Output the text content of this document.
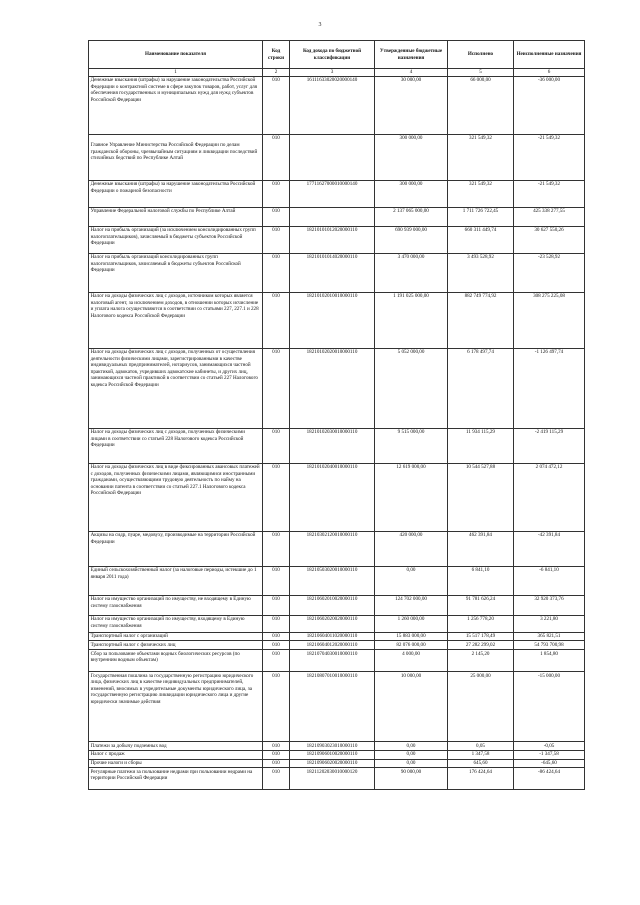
3
Наименование показателя	Код строки	Код дохода по бюджетной классификации	Утвержденные бюджетные назначения	Исполнено	Неисполненные назначения
1	2	3	4	5	6
Денежные взыскания (штрафы) за нарушение законодательства Российской Федерации о контрактной системе в сфере закупок товаров, работ, услуг для обеспечения государственных и муниципальных нужд для нужд субъектов Российской Федерации	010	16111633020020000140	30 000,00	66 000,00	-36 000,00

Главное Управление Министерства Российской Федерации по делам гражданской обороны, чрезвычайным ситуациям и ликвидации последствий стихийных бедствий по Республике Алтай	010		300 000,00	321 549,32	-21 549,32
Денежные взыскания (штрафы) за нарушение законодательства Российской Федерации о пожарной безопасности	010	17711627000010000140	300 000,00	321 549,32	-21 549,32
Управление Федеральной налоговой службы по Республике Алтай	010		2 137 065 000,00	1 711 726 722,45	425 338 277,55
Налог на прибыль организаций (за исключением консолидированных групп налогоплательщиков), зачисляемый в бюджеты субъектов Российской Федерации	010	18210101012020000110	690 939 000,00	660 311 449,74	30 627 550,26
Налог на прибыль организаций консолидированных групп налогоплательщиков, зачисляемый в бюджеты субъектов Российской Федерации	010	18210101014020000110	3 470 000,00	3 493 528,92	-23 528,92
Налог на доходы физических лиц с доходов, источником которых является налоговый агент, за исключением доходов, в отношении которых исчисление и уплата налога осуществляются в соответствии со статьями 227, 227.1 и 228 Налогового кодекса Российской Федерации	010	18210102010010000110	1 191 025 000,00	882 749 774,92	308 275 225,08
Налог на доходы физических лиц с доходов, полученных от осуществления деятельности физическими лицами, зарегистрированными в качестве индивидуальных предпринимателей, нотариусов, занимающихся частной практикой, адвокатов, учредивших адвокатские кабинеты, и других лиц, занимающихся частной практикой в соответствии со статьей 227 Налогового кодекса Российской Федерации	010	18210102020010000110	5 052 000,00	6 178 497,74	-1 126 497,74
Налог на доходы физических лиц с доходов, полученных физическими лицами в соответствии со статьей 228 Налогового кодекса Российской Федерации	010	18210102030010000110	9 515 000,00	11 934 115,29	-2 419 115,29
Налог на доходы физических лиц в виде фиксированных авансовых платежей с доходов, полученных физическими лицами, являющимися иностранными гражданами, осуществляющими трудовую деятельность по найму на основании патента в соответствии со статьей 227.1 Налогового кодекса Российской Федерации	010	18210102040010000110	12 619 000,00	10 544 527,88	2 074 472,12
Акцизы на сидр, пуаре, медовуху, производимые на территории Российской Федерации	010	18210302120010000110	420 000,00	462 391,84	-42 391,84
Единый сельскохозяйственный налог (за налоговые периоды, истекшие до 1 января 2011 года)	010	18210503020010000110	0,00	6 841,10	-6 841,10
Налог на имущество организаций по имуществу, не входящему в Единую систему газоснабжения	010	18210602010020000110	124 702 000,00	91 781 626,24	32 920 373,76
Налог на имущество организаций по имуществу, входящему в Единую систему газоснабжения	010	18210602020020000110	1 260 000,00	1 256 778,20	3 221,80
Транспортный налог с организаций	010	18210604011020000110	15 883 000,00	15 517 178,49	365 821,51
Транспортный налог с физических лиц	010	18210604012020000110	82 076 000,00	27 282 299,02	54 793 700,98
Сбор за пользование объектами водных биологических ресурсов (по внутренним водным объектам)	010	18210704030010000110	4 000,00	2 145,20	1 854,80
Государственная пошлина за государственную регистрацию юридического лица, физических лиц в качестве индивидуальных предпринимателей, изменений, вносимых в учредительные документы юридического лица, за государственную регистрацию ликвидации юридического лица и другие юридически значимые действия	010	18210807010010000110	10 000,00	25 000,00	-15 000,00
Платежи за добычу подземных вод	010	18210903023010000110	0,00	0,05	-0,05
Налог с продаж	010	18210906010020000110	0,00	1 347,58	-1 347,58
Прочие налоги и сборы	010	18210906020020000110	0,00	645,60	-645,60
Регулярные платежи за пользование недрами при пользовании недрами на территории Российской Федерации	010	18211202030010000120	90 000,00	176 424,64	-86 424,64
